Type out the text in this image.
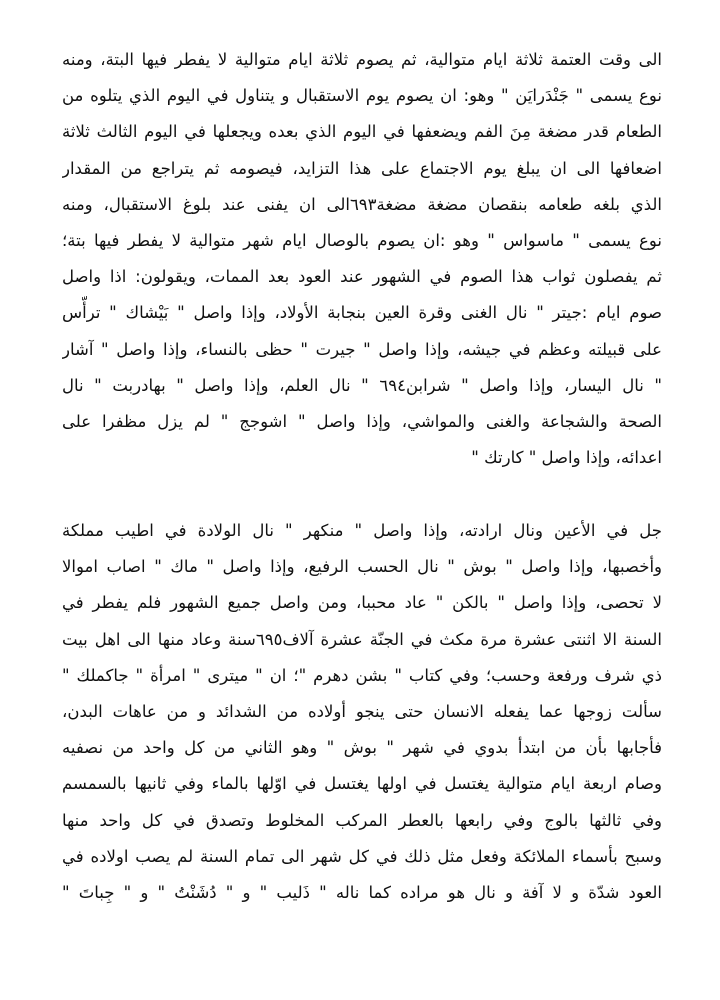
الى وقت العتمة ثلاثة ايام متوالية، ثم يصوم ثلاثة ايام متوالية لا يفطر فيها البتة، ومنه
نوع يسمى " جَنْدَرايَن " وهو: ان يصوم يوم الاستقبال و يتناول في اليوم الذي يتلوه من
الطعام قدر مضغة مِنَ الفم ويضعفها في اليوم الذي بعده ويجعلها في اليوم الثالث ثلاثة
اضعافها الى ان يبلغ يوم الاجتماع على هذا التزايد، فيصومه ثم يتراجع من المقدار
الذي بلغه طعامه بنقصان مضغة مضغة٦٩٣الى ان يفنى عند بلوغ الاستقبال، ومنه
نوع يسمى " ماسواس " وهو :ان يصوم بالوصال ايام شهر متوالية لا يفطر فيها بتة؛
ثم يفصلون ثواب هذا الصوم في الشهور عند العود بعد الممات، ويقولون: اذا واصل
صوم ايام :جيتر " نال الغنى وقرة العين بنجابة الأولاد، وإذا واصل " بَيْشاك " ترأّس
على قبيلته وعظم في جيشه، وإذا واصل " جيرت " حظى بالنساء، وإذا واصل " آشار
" نال اليسار، وإذا واصل " شرابن٦٩٤ " نال العلم، وإذا واصل " بهادربت " نال
الصحة والشجاعة والغنى والمواشي، وإذا واصل " اشوجج " لم يزل مظفرا على
اعدائه، وإذا واصل " كارتك "
جل في الأعين ونال ارادته، وإذا واصل " منكهر " نال الولادة في اطيب مملكة
وأخصبها، وإذا واصل " بوش " نال الحسب الرفيع، وإذا واصل " ماك " اصاب اموالا
لا تحصى، وإذا واصل " بالكن " عاد محببا، ومن واصل جميع الشهور فلم يفطر في
السنة الا اثنتى عشرة مرة مكث في الجنّة عشرة آلاف٦٩٥سنة وعاد منها الى اهل بيت
ذي شرف ورفعة وحسب؛ وفي كتاب " بشن دهرم "؛ ان " ميترى " امرأة " جاكملك "
سألت زوجها عما يفعله الانسان حتى ينجو أولاده من الشدائد و من عاهات البدن،
فأجابها بأن من ابتدأ بدوي في شهر " بوش " وهو الثاني من كل واحد من نصفيه
وصام اربعة ايام متوالية يغتسل في اولها يغتسل في اوّلها بالماء وفي ثانيها بالسمسم
وفي ثالثها بالوج وفي رابعها بالعطر المركب المخلوط وتصدق في كل واحد منها
وسبح بأسماء الملائكة وفعل مثل ذلك في كل شهر الى تمام السنة لم يصب اولاده في
العود شدّة و لا آفة و نال هو مراده كما ناله " ذَليب " و " دُشَنْتُ " و " جِباتَ "
